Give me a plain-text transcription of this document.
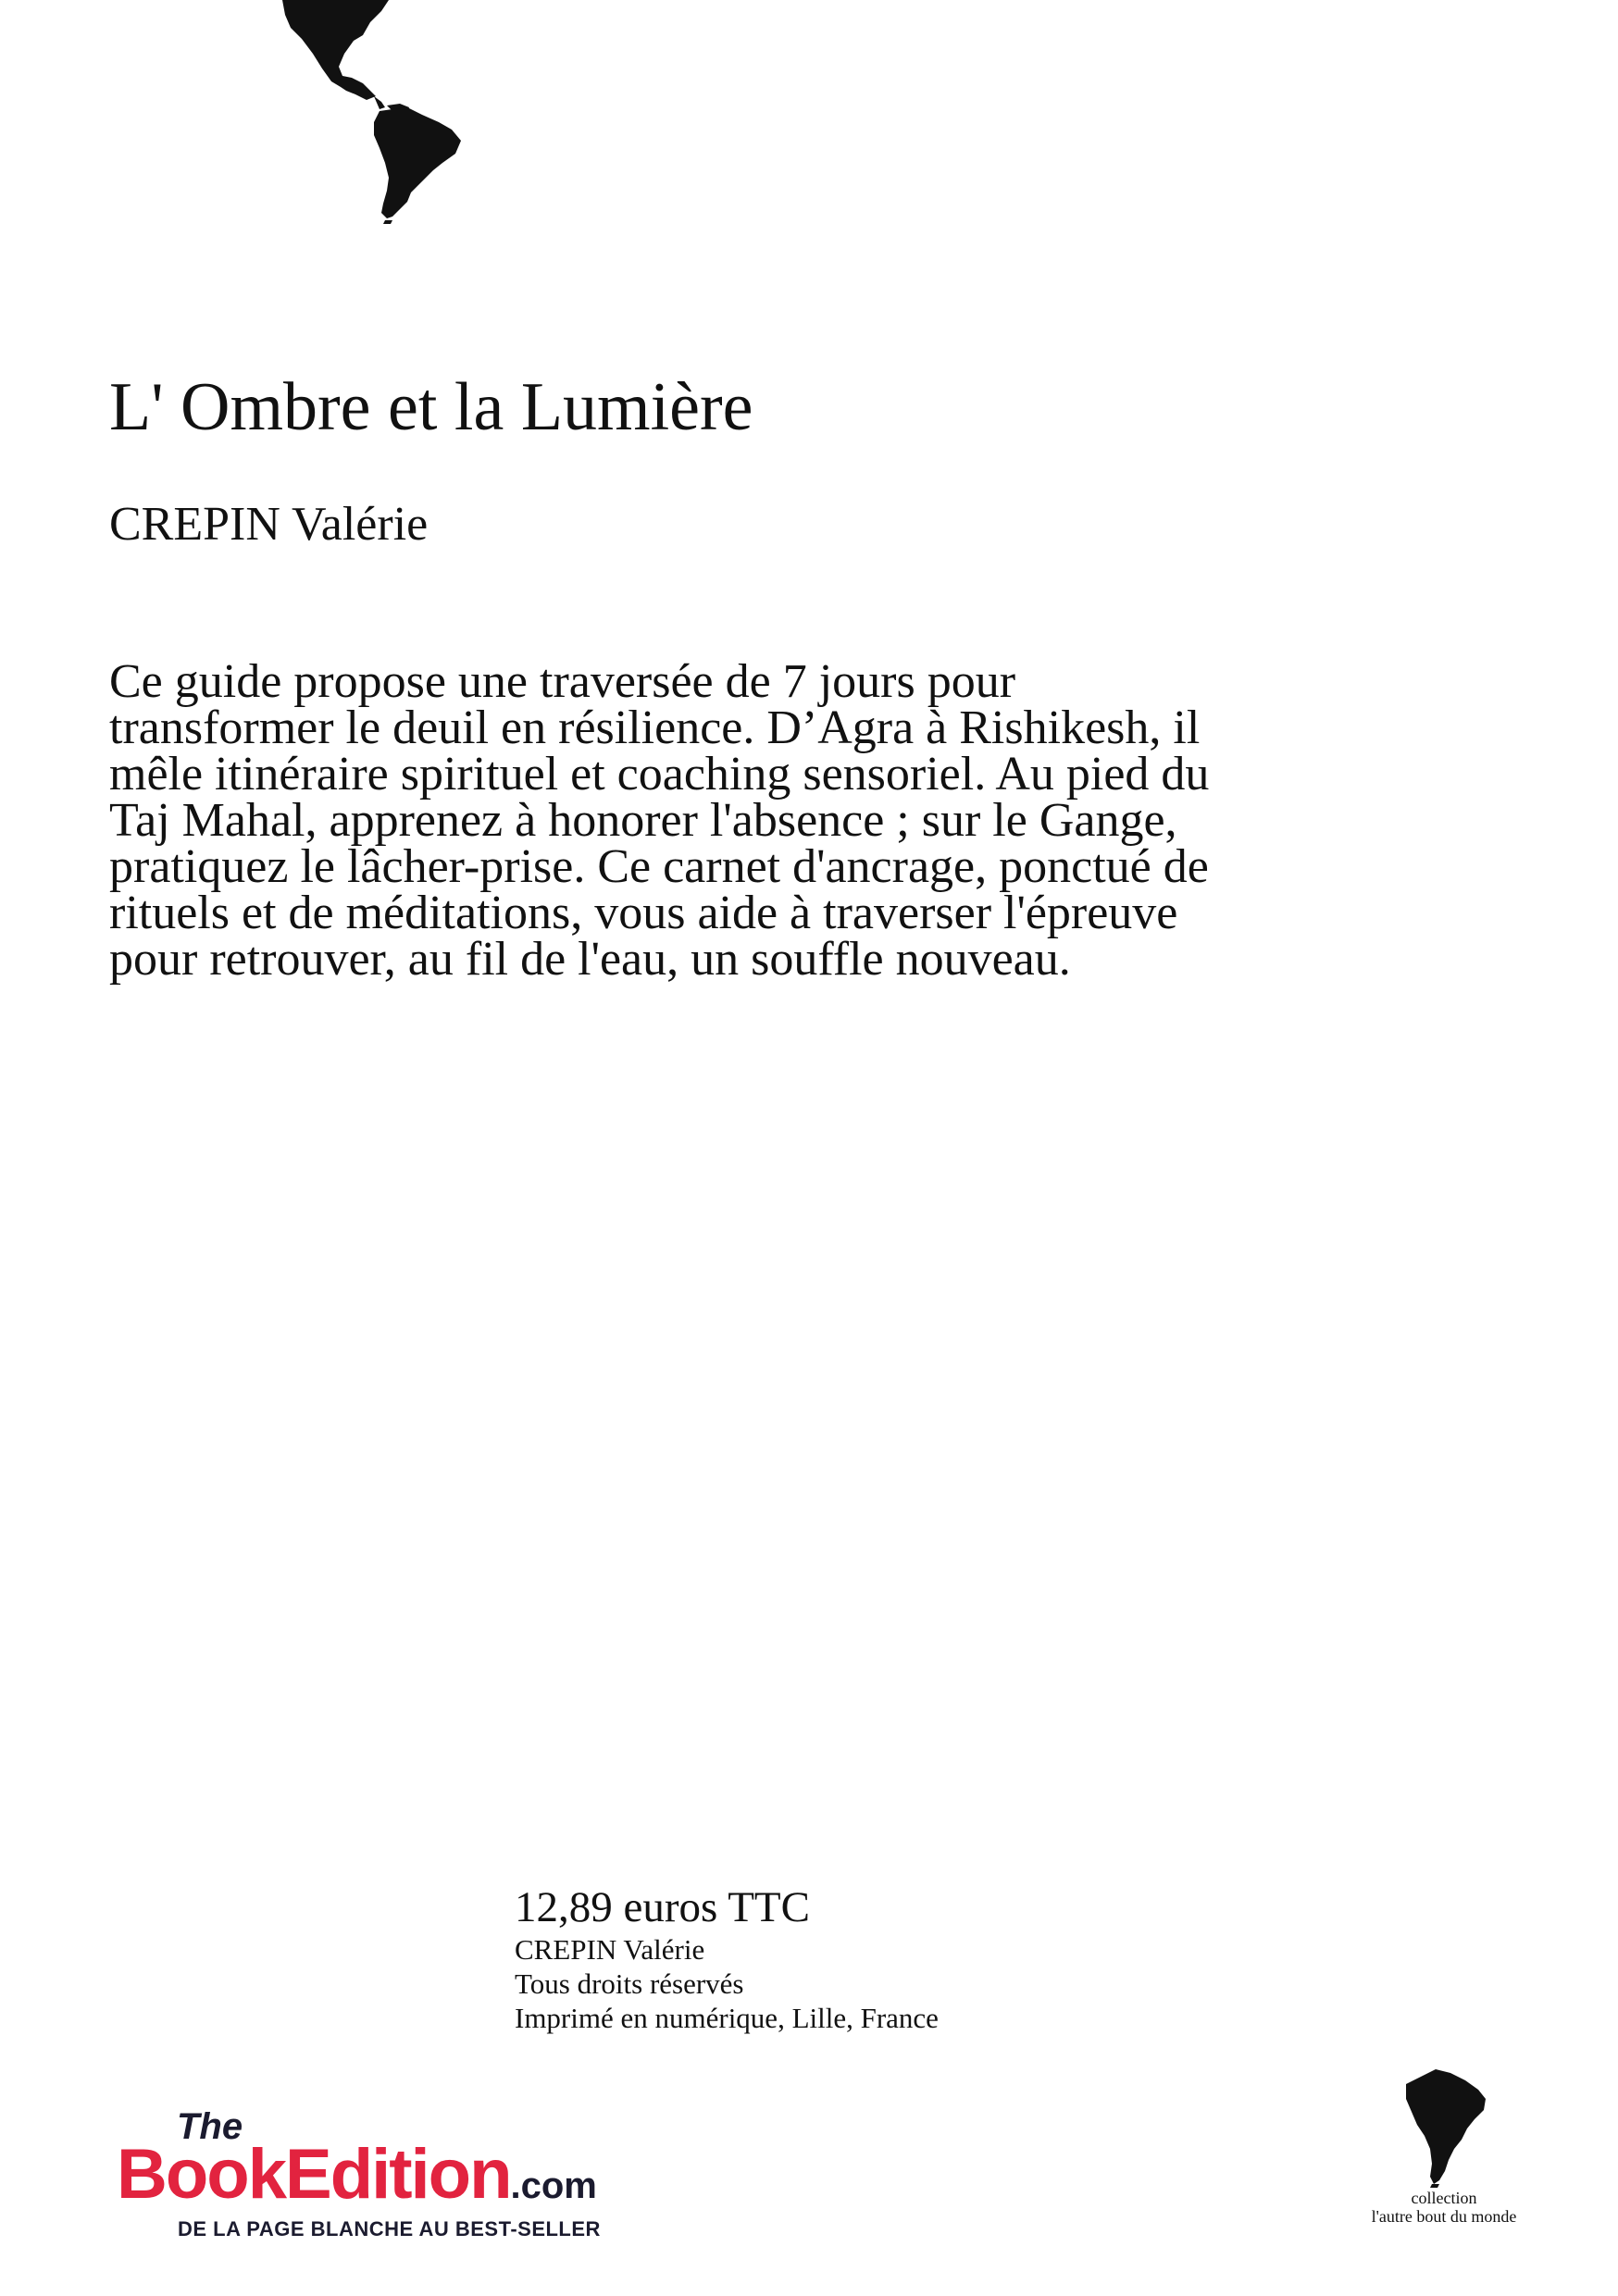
L' Ombre et la Lumière
CREPIN Valérie

Ce guide propose une traversée de 7 jours pour transformer le deuil en résilience. D’Agra à Rishikesh, il mêle itinéraire spirituel et coaching sensoriel. Au pied du Taj Mahal, apprenez à honorer l'absence ; sur le Gange, pratiquez le lâcher-prise. Ce carnet d'ancrage, ponctué de rituels et de méditations, vous aide à traverser l'épreuve pour retrouver, au fil de l'eau, un souffle nouveau.

12,89 euros TTC
CREPIN Valérie
Tous droits réservés
Imprimé en numérique, Lille, France
The
BookEdition.com
DE LA PAGE BLANCHE AU BEST-SELLER
collection
l'autre bout du monde
